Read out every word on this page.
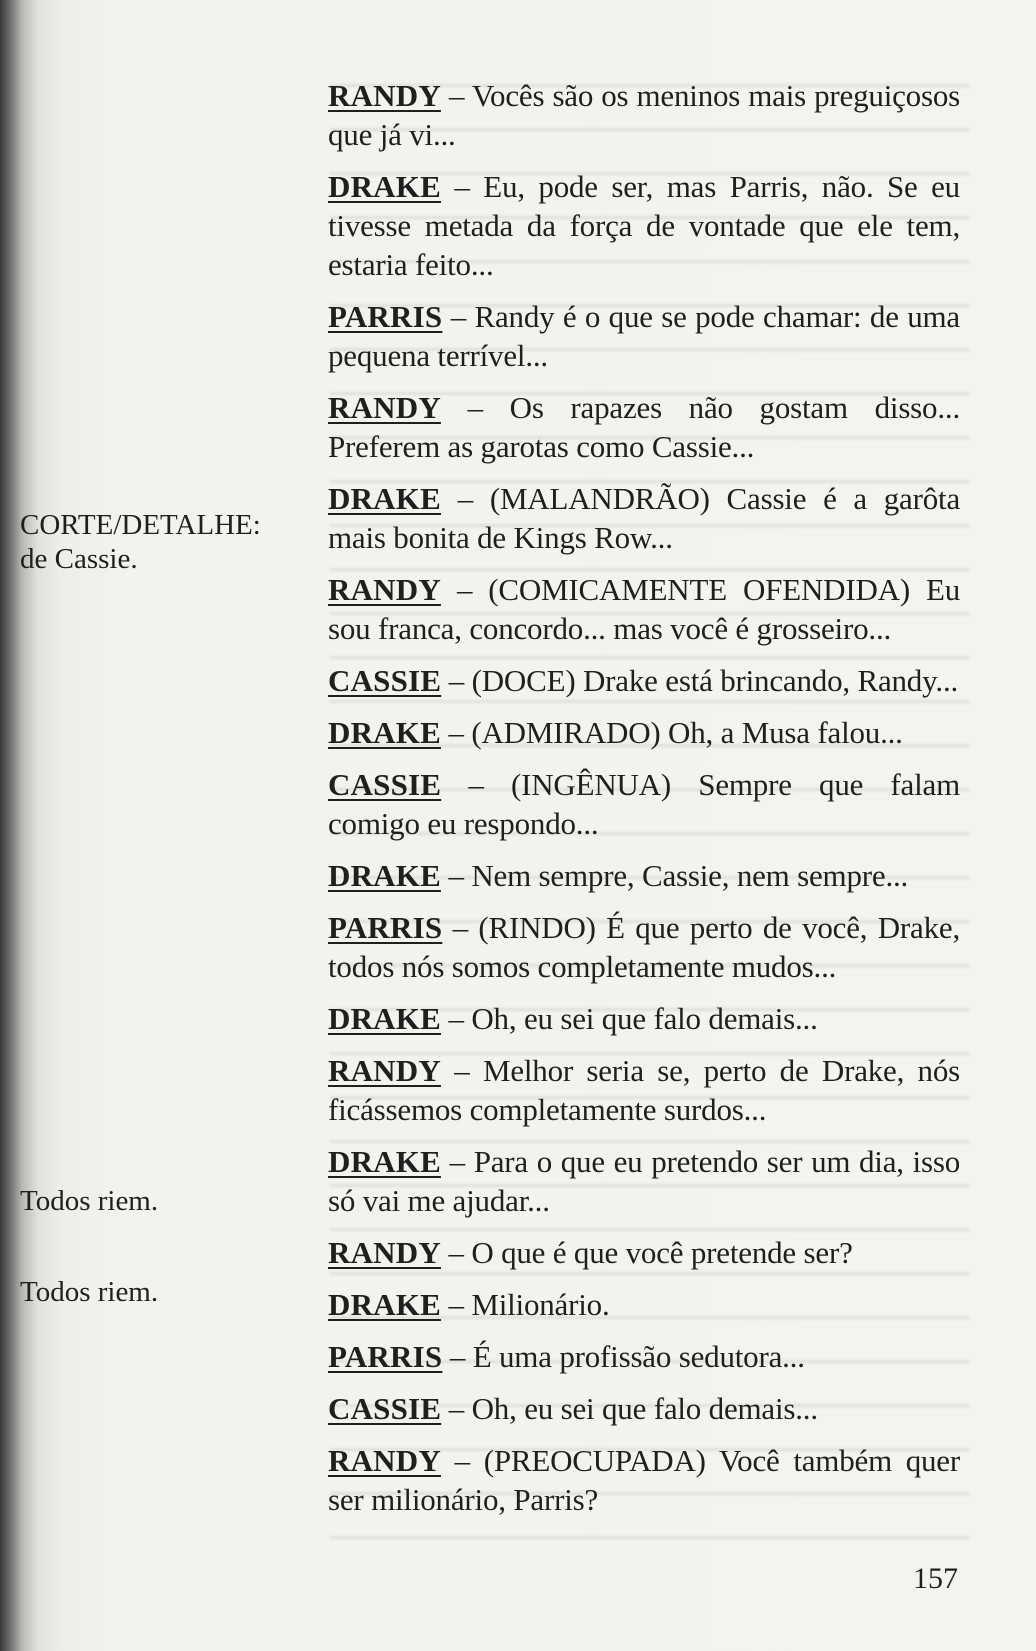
CORTE/DETALHE:
de Cassie.
Todos riem.
Todos riem.

RANDY – Vocês são os meninos mais preguiçosos que já vi...

DRAKE – Eu, pode ser, mas Parris, não. Se eu tivesse metada da força de vontade que ele tem, estaria feito...

PARRIS – Randy é o que se pode chamar: de uma pequena terrível...

RANDY – Os rapazes não gostam disso... Preferem as garotas como Cassie...

DRAKE – (MALANDRÃO) Cassie é a garôta mais bonita de Kings Row...

RANDY – (COMICAMENTE OFENDIDA) Eu sou franca, concordo... mas você é grosseiro...

CASSIE – (DOCE) Drake está brincando, Randy...

DRAKE – (ADMIRADO) Oh, a Musa falou...

CASSIE – (INGÊNUA) Sempre que falam comigo eu respondo...

DRAKE – Nem sempre, Cassie, nem sempre...

PARRIS – (RINDO) É que perto de você, Drake, todos nós somos completamente mudos...

DRAKE – Oh, eu sei que falo demais...

RANDY – Melhor seria se, perto de Drake, nós ficássemos completamente surdos...

DRAKE – Para o que eu pretendo ser um dia, isso só vai me ajudar...

RANDY – O que é que você pretende ser?

DRAKE – Milionário.

PARRIS – É uma profissão sedutora...

CASSIE – Oh, eu sei que falo demais...

RANDY – (PREOCUPADA) Você também quer ser milionário, Parris?

157
